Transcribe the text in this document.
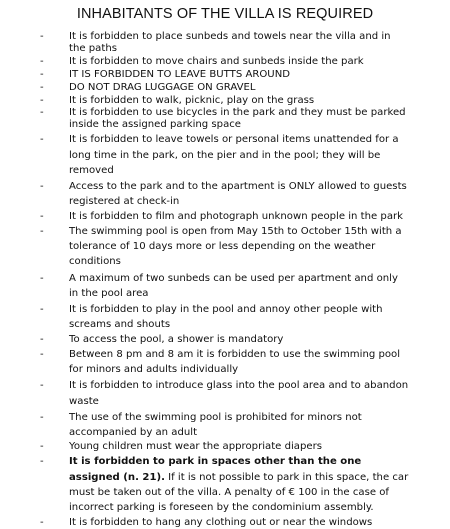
INHABITANTS OF THE VILLA IS REQUIRED
-	It is forbidden to place sunbeds and towels near the villa and in the paths
-	It is forbidden to move chairs and sunbeds inside the park
-	IT IS FORBIDDEN TO LEAVE BUTTS AROUND
-	DO NOT DRAG LUGGAGE ON GRAVEL
-	It is forbidden to walk, picknic, play on the grass
-	It is forbidden to use bicycles in the park and they must be parked inside the assigned parking space
-	It is forbidden to leave towels or personal items unattended for a long time in the park, on the pier and in the pool; they will be removed
-	Access to the park and to the apartment is ONLY allowed to guests registered at check-in
-	It is forbidden to film and photograph unknown people in the park
-	The swimming pool is open from May 15th to October 15th with a tolerance of 10 days more or less depending on the weather conditions
-	A maximum of two sunbeds can be used per apartment and only in the pool area
-	It is forbidden to play in the pool and annoy other people with screams and shouts
-	To access the pool, a shower is mandatory
-	Between 8 pm and 8 am it is forbidden to use the swimming pool for minors and adults individually
-	It is forbidden to introduce glass into the pool area and to abandon waste
-	The use of the swimming pool is prohibited for minors not accompanied by an adult
-	Young children must wear the appropriate diapers
-	It is forbidden to park in spaces other than the one assigned (n. 21). If it is not possible to park in this space, the car must be taken out of the villa. A penalty of € 100 in the case of incorrect parking is foreseen by the condominium assembly.
-	It is forbidden to hang any clothing out or near the windows
